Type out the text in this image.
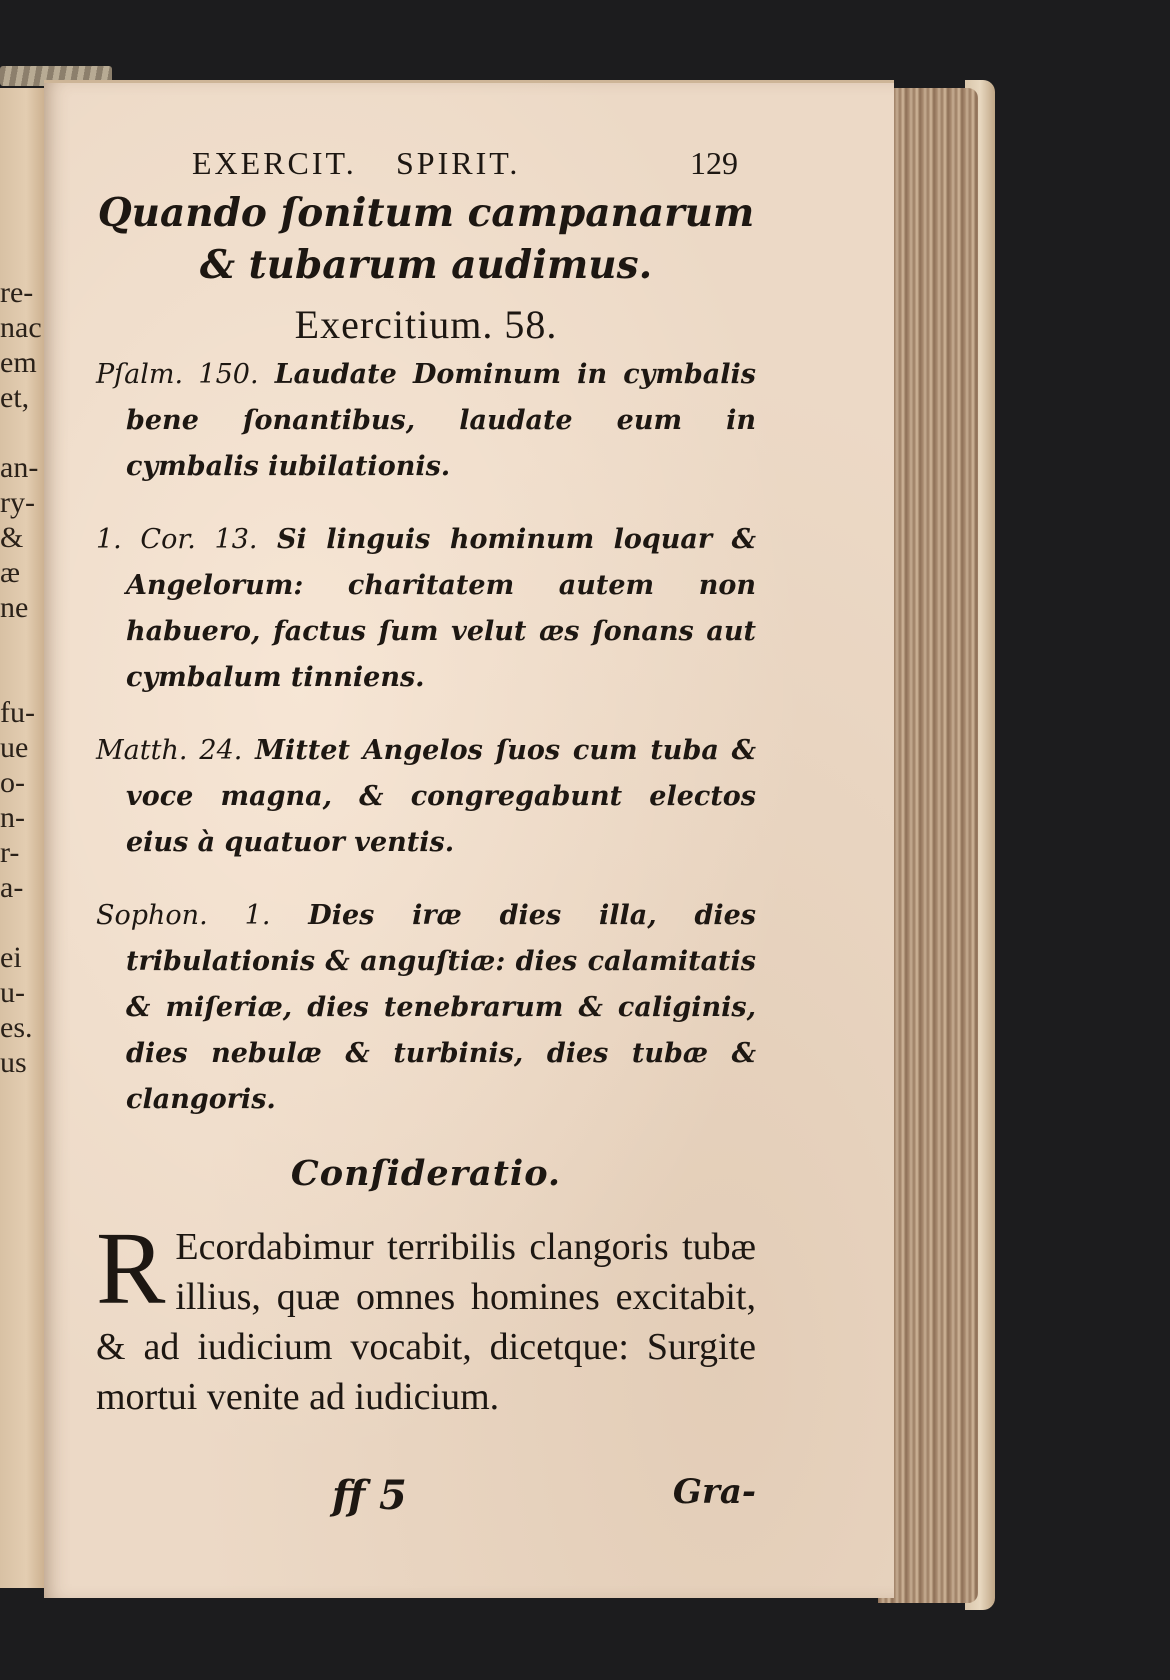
re-
nac
em
et,
an-
ry-
&
æ
ne
fu-
ue
o-
n-
r-
a-
ei
u-
es.
us
EXERCIT. SPIRIT.	129
Quando ſonitum campanarum
& tubarum audimus.
Exercitium. 58.

Pſalm. 150. Laudate Dominum in cymbalis bene ſonantibus, laudate eum in cymbalis iubilationis.

1. Cor. 13. Si linguis hominum loquar & Angelorum: charitatem autem non habuero, factus ſum velut æs ſonans aut cymbalum tinniens.

Matth. 24. Mittet Angelos ſuos cum tuba & voce magna, & congregabunt electos eius à quatuor ventis.

Sophon. 1. Dies iræ dies illa, dies tribulationis & anguſtiæ: dies calamitatis & miſeriæ, dies tenebrarum & caliginis, dies nebulæ & turbinis, dies tubæ & clangoris.

Conſideratio.
R Ecordabimur terribilis clangoris tubæ illius, quæ omnes homines excitabit, & ad iudicium vocabit, dicetque: Surgite mortui venite ad iudicium.
ff 5	Gra-
